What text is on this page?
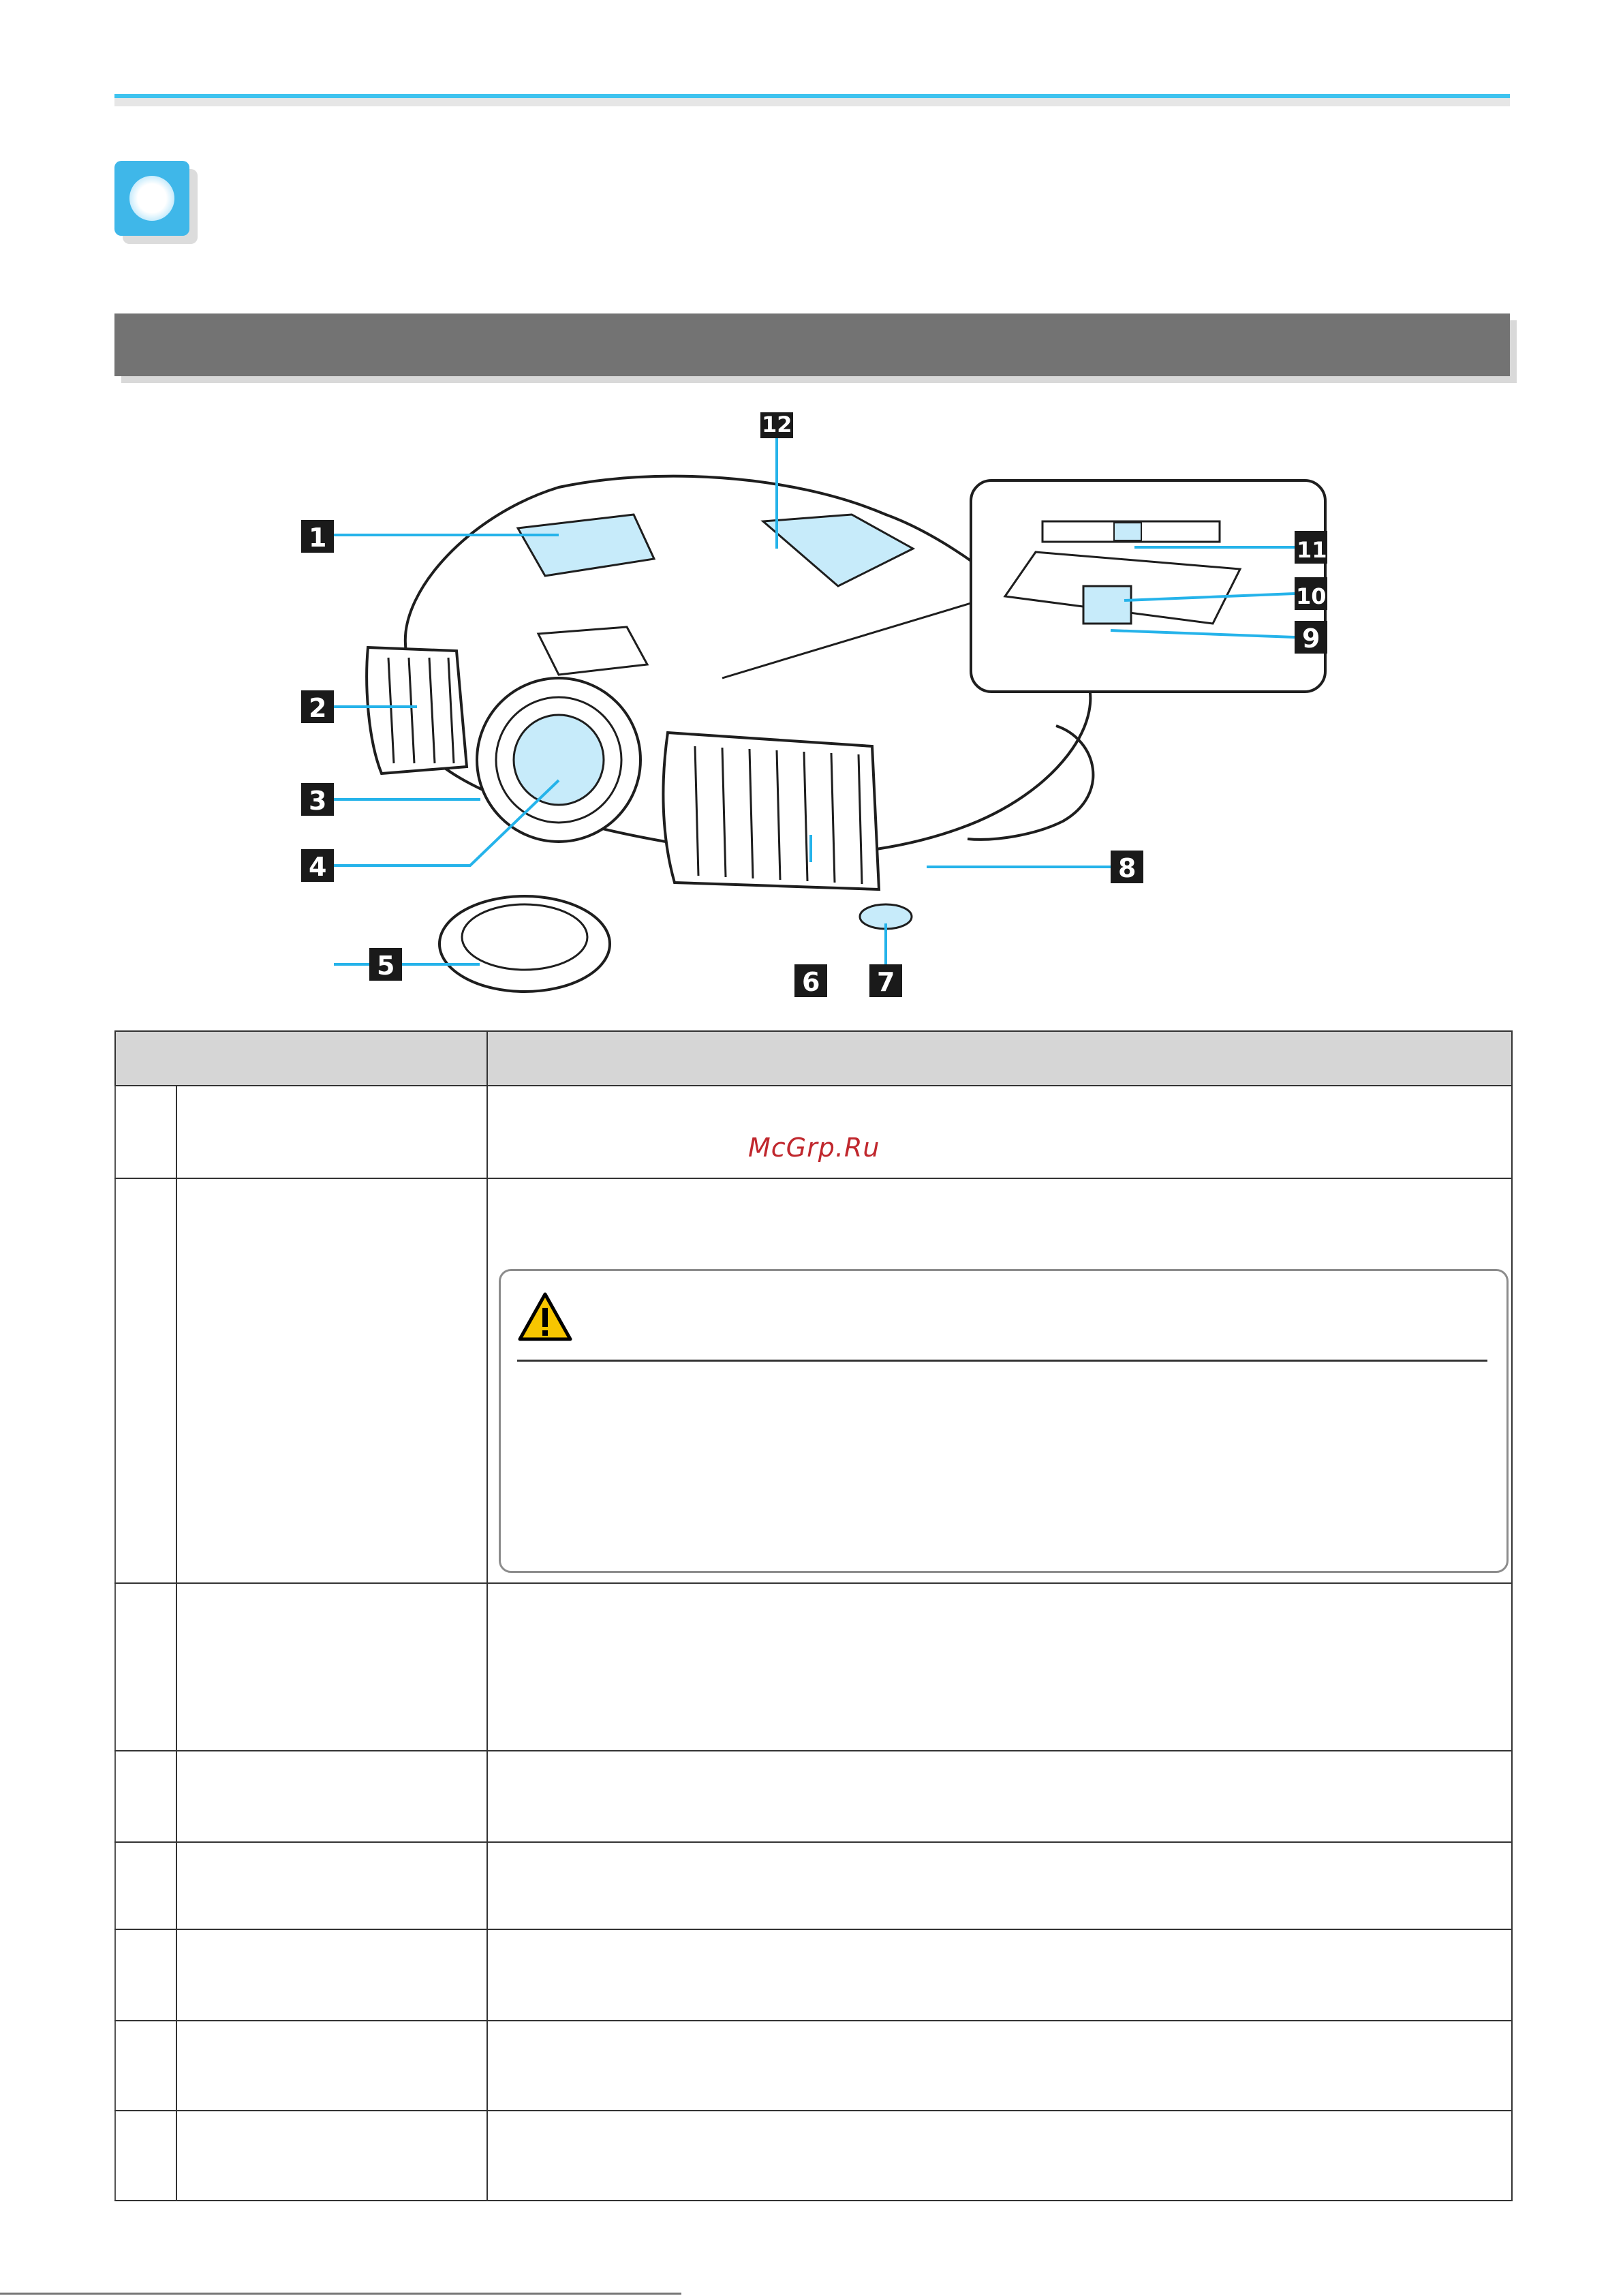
1
2
3
4
5
6 7
8
9
10
11
12

McGrp.Ru
